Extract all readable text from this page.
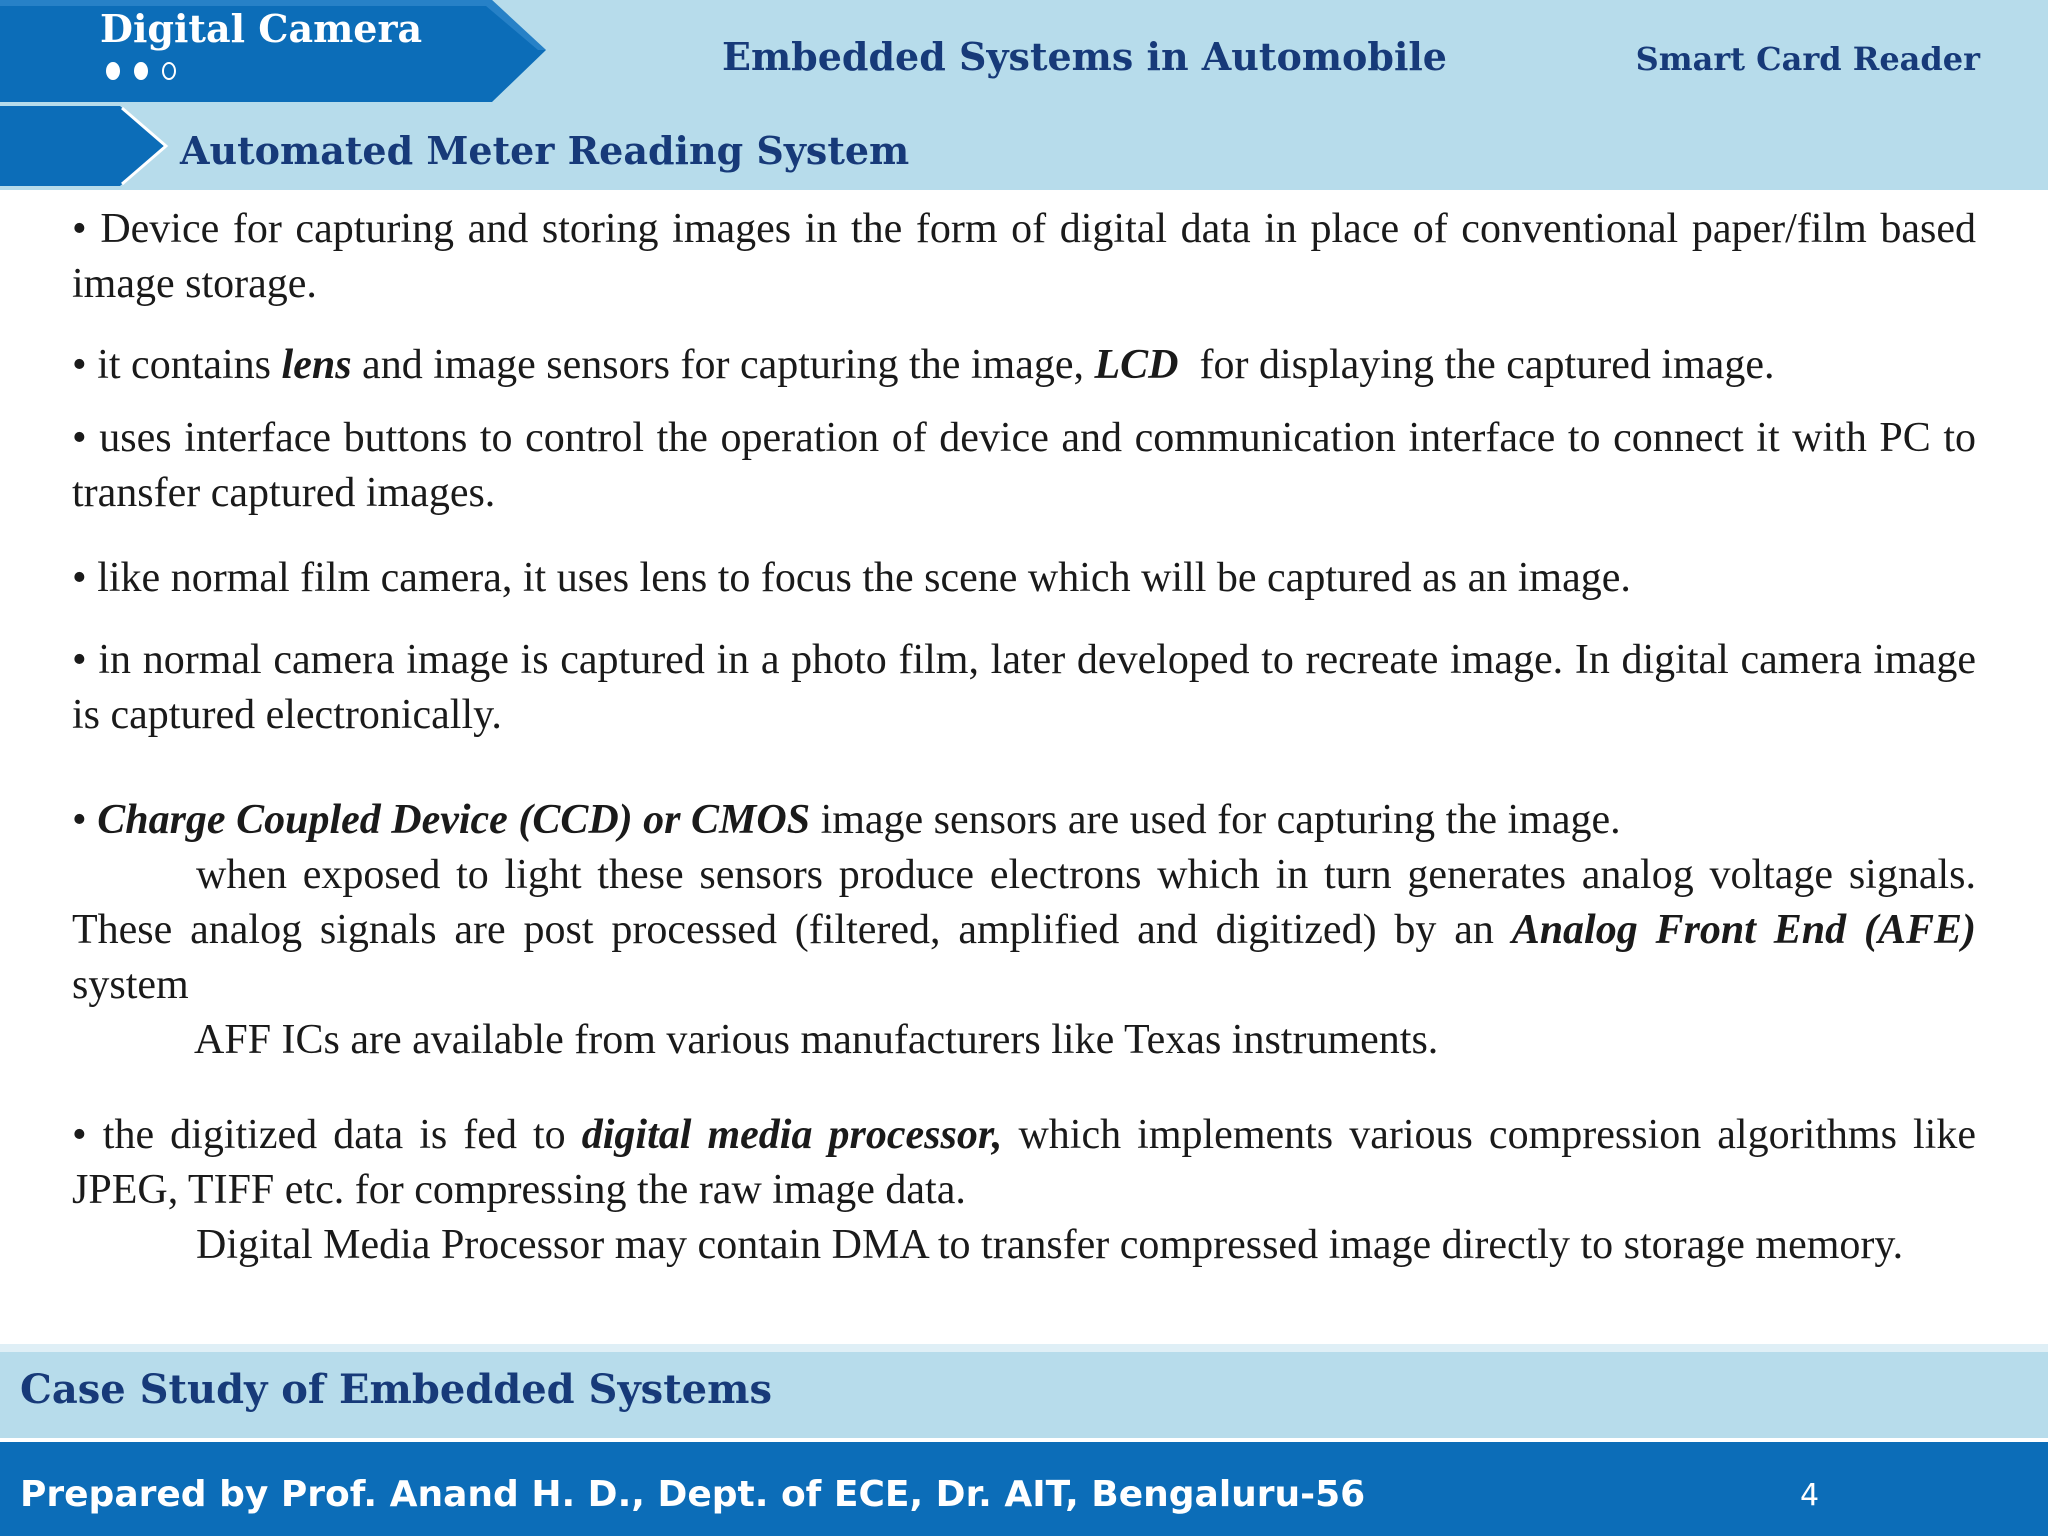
Digital Camera
Embedded Systems in Automobile	Smart Card Reader
Automated Meter Reading System

• Device for capturing and storing images in the form of digital data in place of conventional paper/film based image storage.

• it contains lens and image sensors for capturing the image, LCD  for displaying the captured image.

• uses interface buttons to control the operation of device and communication interface to connect it with PC to transfer captured images.

• like normal film camera, it uses lens to focus the scene which will be captured as an image.

• in normal camera image is captured in a photo film, later developed to recreate image. In digital camera image is captured electronically.

• Charge Coupled Device (CCD) or CMOS image sensors are used for capturing the image.

when exposed to light these sensors produce electrons which in turn generates analog voltage signals. These analog signals are post processed (filtered, amplified and digitized) by an Analog Front End (AFE) system

AFF ICs are available from various manufacturers like Texas instruments.

• the digitized data is fed to digital media processor, which implements various compression algorithms like JPEG, TIFF etc. for compressing the raw image data.

Digital Media Processor may contain DMA to transfer compressed image directly to storage memory.

Case Study of Embedded Systems
Prepared by Prof. Anand H. D., Dept. of ECE, Dr. AIT, Bengaluru-56	4
